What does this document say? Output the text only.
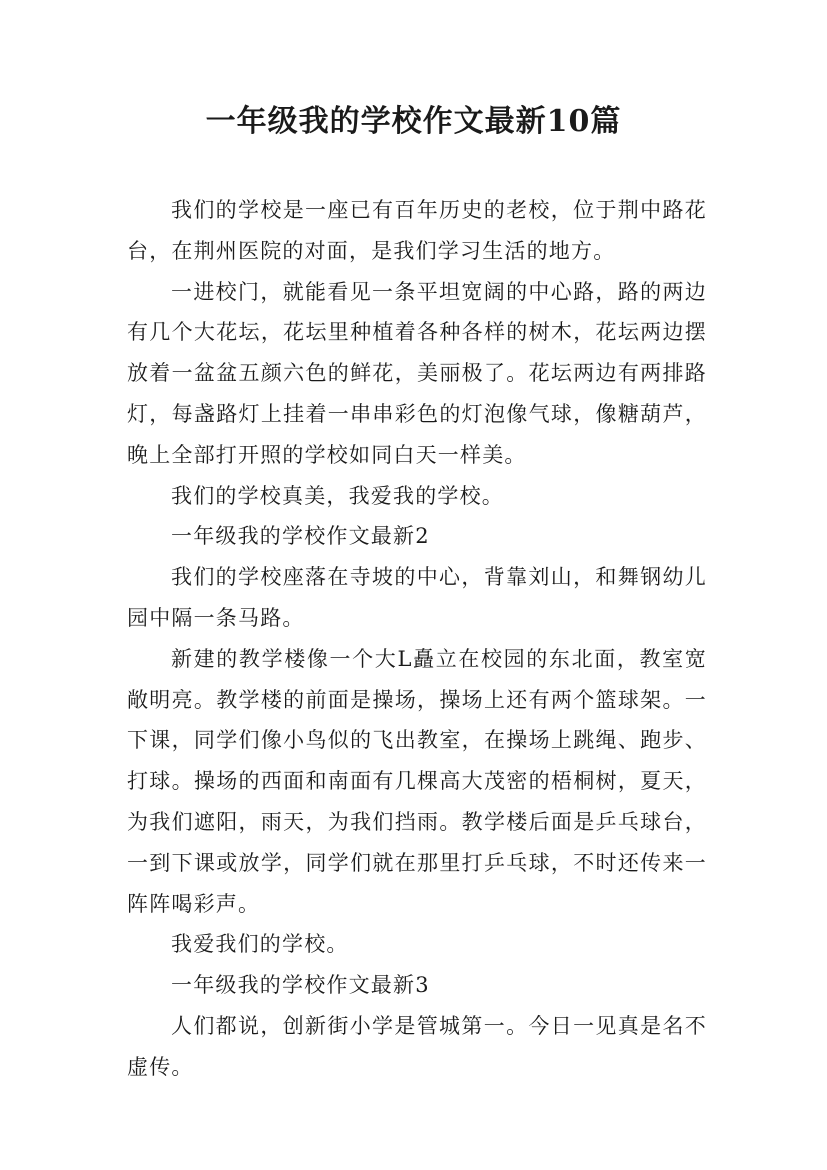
一年级我的学校作文最新10篇

我们的学校是一座已有百年历史的老校，位于荆中路花台，在荆州医院的对面，是我们学习生活的地方。

一进校门，就能看见一条平坦宽阔的中心路，路的两边有几个大花坛，花坛里种植着各种各样的树木，花坛两边摆放着一盆盆五颜六色的鲜花，美丽极了。花坛两边有两排路灯，每盏路灯上挂着一串串彩色的灯泡像气球，像糖葫芦，晚上全部打开照的学校如同白天一样美。

我们的学校真美，我爱我的学校。

一年级我的学校作文最新2

我们的学校座落在寺坡的中心，背靠刘山，和舞钢幼儿园中隔一条马路。

新建的教学楼像一个大L矗立在校园的东北面，教室宽敞明亮。教学楼的前面是操场，操场上还有两个篮球架。一下课，同学们像小鸟似的飞出教室，在操场上跳绳、跑步、打球。操场的西面和南面有几棵高大茂密的梧桐树，夏天，为我们遮阳，雨天，为我们挡雨。教学楼后面是乒乓球台，一到下课或放学，同学们就在那里打乒乓球，不时还传来一阵阵喝彩声。

我爱我们的学校。

一年级我的学校作文最新3

人们都说，创新街小学是管城第一。今日一见真是名不虚传。
